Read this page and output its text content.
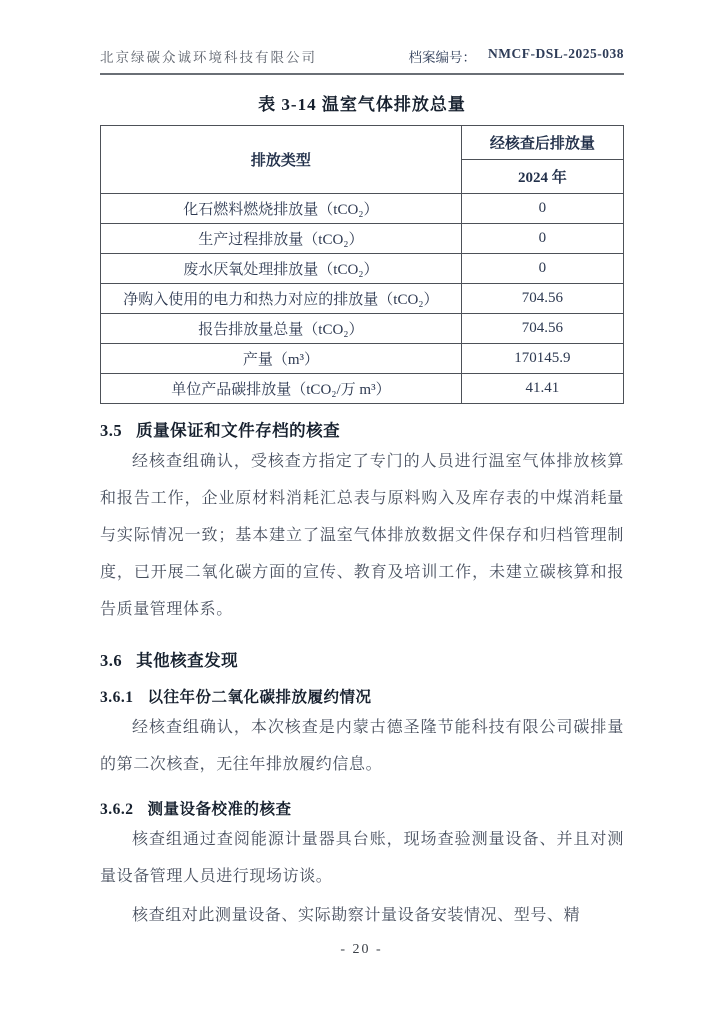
北京绿碳众诚环境科技有限公司	档案编号： NMCF-DSL-2025-038
表 3-14 温室气体排放总量
排放类型	经核查后排放量
	2024 年
化石燃料燃烧排放量（tCO₂）	0
生产过程排放量（tCO₂）	0
废水厌氧处理排放量（tCO₂）	0
净购入使用的电力和热力对应的排放量（tCO₂）	704.56
报告排放量总量（tCO₂）	704.56
产量（m³）	170145.9
单位产品碳排放量（tCO₂/万 m³）	41.41
3.5 质量保证和文件存档的核查

经核查组确认，受核查方指定了专门的人员进行温室气体排放核算和报告工作，企业原材料消耗汇总表与原料购入及库存表的中煤消耗量与实际情况一致；基本建立了温室气体排放数据文件保存和归档管理制度，已开展二氧化碳方面的宣传、教育及培训工作，未建立碳核算和报告质量管理体系。

3.6 其他核查发现
3.6.1 以往年份二氧化碳排放履约情况

经核查组确认，本次核查是内蒙古德圣隆节能科技有限公司碳排量的第二次核查，无往年排放履约信息。

3.6.2 测量设备校准的核查

核查组通过查阅能源计量器具台账，现场查验测量设备、并且对测量设备管理人员进行现场访谈。

核查组对此测量设备、实际勘察计量设备安装情况、型号、精

- 20 -
